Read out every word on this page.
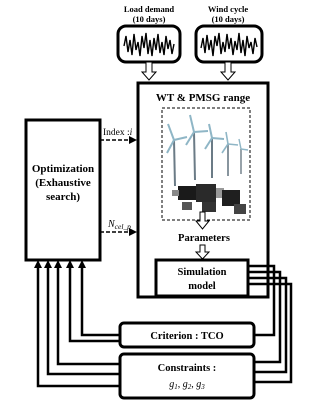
Load demand
(10 days)
Wind cycle
(10 days)
WT & PMSG range
Parameters
Simulation
model
Optimization
(Exhaustive
search)
Index :i
$N_{cel\_p}$
Criterion : TCO
Constraints :
$g_1$, $g_2$, $g_3$
